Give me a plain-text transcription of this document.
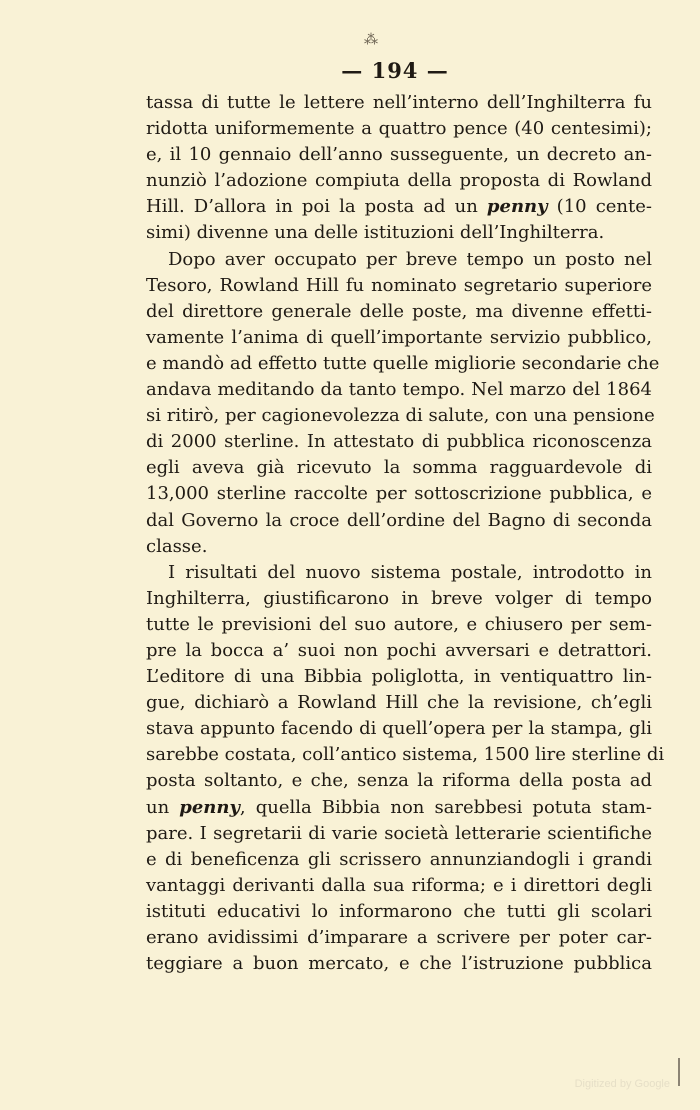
⁂
— 194 —
tassa di tutte le lettere nell’interno dell’Inghilterra fu
ridotta uniformemente a quattro pence (40 centesimi);
e, il 10 gennaio dell’anno susseguente, un decreto an-
nunziò l’adozione compiuta della proposta di Rowland
Hill. D’allora in poi la posta ad un penny (10 cente-
simi) divenne una delle istituzioni dell’Inghilterra.
Dopo aver occupato per breve tempo un posto nel
Tesoro, Rowland Hill fu nominato segretario superiore
del direttore generale delle poste, ma divenne effetti-
vamente l’anima di quell’importante servizio pubblico,
e mandò ad effetto tutte quelle migliorie secondarie che
andava meditando da tanto tempo. Nel marzo del 1864
si ritirò, per cagionevolezza di salute, con una pensione
di 2000 sterline. In attestato di pubblica riconoscenza
egli aveva già ricevuto la somma ragguardevole di
13,000 sterline raccolte per sottoscrizione pubblica, e
dal Governo la croce dell’ordine del Bagno di seconda
classe.
I risultati del nuovo sistema postale, introdotto in
Inghilterra, giustificarono in breve volger di tempo
tutte le previsioni del suo autore, e chiusero per sem-
pre la bocca a’ suoi non pochi avversari e detrattori.
L’editore di una Bibbia poliglotta, in ventiquattro lin-
gue, dichiarò a Rowland Hill che la revisione, ch’egli
stava appunto facendo di quell’opera per la stampa, gli
sarebbe costata, coll’antico sistema, 1500 lire sterline di
posta soltanto, e che, senza la riforma della posta ad
un penny, quella Bibbia non sarebbesi potuta stam-
pare. I segretarii di varie società letterarie scientifiche
e di beneficenza gli scrissero annunziandogli i grandi
vantaggi derivanti dalla sua riforma; e i direttori degli
istituti educativi lo informarono che tutti gli scolari
erano avidissimi d’imparare a scrivere per poter car-
teggiare a buon mercato, e che l’istruzione pubblica
Digitized by Google
